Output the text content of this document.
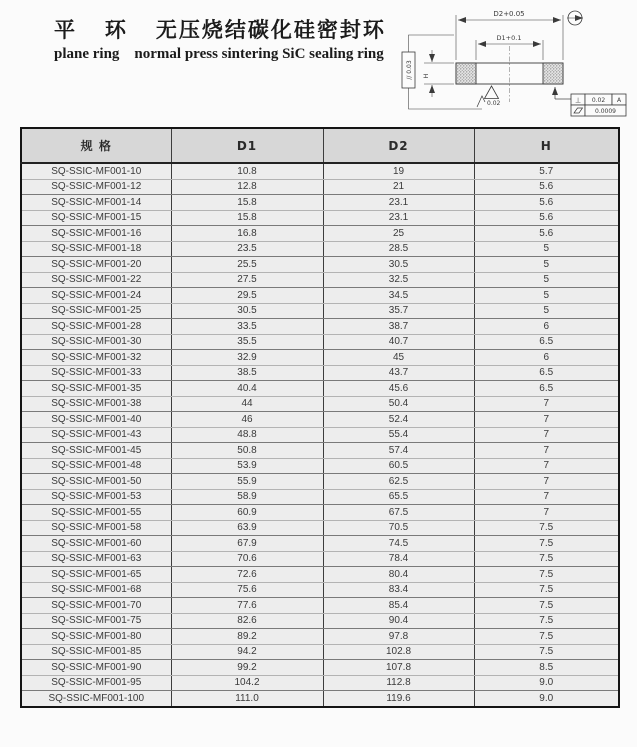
平   环   无压烧结碳化硅密封环
plane ring    normal press sintering SiC sealing ring
D2+0.05
D1+0.1
H
// 0.03
0.02	⊥ 0.02 A
0.0009
规 格	D1	D2	H
SQ-SSIC-MF001-10	10.8	19	5.7
SQ-SSIC-MF001-12	12.8	21	5.6
SQ-SSIC-MF001-14	15.8	23.1	5.6
SQ-SSIC-MF001-15	15.8	23.1	5.6
SQ-SSIC-MF001-16	16.8	25	5.6
SQ-SSIC-MF001-18	23.5	28.5	5
SQ-SSIC-MF001-20	25.5	30.5	5
SQ-SSIC-MF001-22	27.5	32.5	5
SQ-SSIC-MF001-24	29.5	34.5	5
SQ-SSIC-MF001-25	30.5	35.7	5
SQ-SSIC-MF001-28	33.5	38.7	6
SQ-SSIC-MF001-30	35.5	40.7	6.5
SQ-SSIC-MF001-32	32.9	45	6
SQ-SSIC-MF001-33	38.5	43.7	6.5
SQ-SSIC-MF001-35	40.4	45.6	6.5
SQ-SSIC-MF001-38	44	50.4	7
SQ-SSIC-MF001-40	46	52.4	7
SQ-SSIC-MF001-43	48.8	55.4	7
SQ-SSIC-MF001-45	50.8	57.4	7
SQ-SSIC-MF001-48	53.9	60.5	7
SQ-SSIC-MF001-50	55.9	62.5	7
SQ-SSIC-MF001-53	58.9	65.5	7
SQ-SSIC-MF001-55	60.9	67.5	7
SQ-SSIC-MF001-58	63.9	70.5	7.5
SQ-SSIC-MF001-60	67.9	74.5	7.5
SQ-SSIC-MF001-63	70.6	78.4	7.5
SQ-SSIC-MF001-65	72.6	80.4	7.5
SQ-SSIC-MF001-68	75.6	83.4	7.5
SQ-SSIC-MF001-70	77.6	85.4	7.5
SQ-SSIC-MF001-75	82.6	90.4	7.5
SQ-SSIC-MF001-80	89.2	97.8	7.5
SQ-SSIC-MF001-85	94.2	102.8	7.5
SQ-SSIC-MF001-90	99.2	107.8	8.5
SQ-SSIC-MF001-95	104.2	112.8	9.0
SQ-SSIC-MF001-100	111.0	119.6	9.0
